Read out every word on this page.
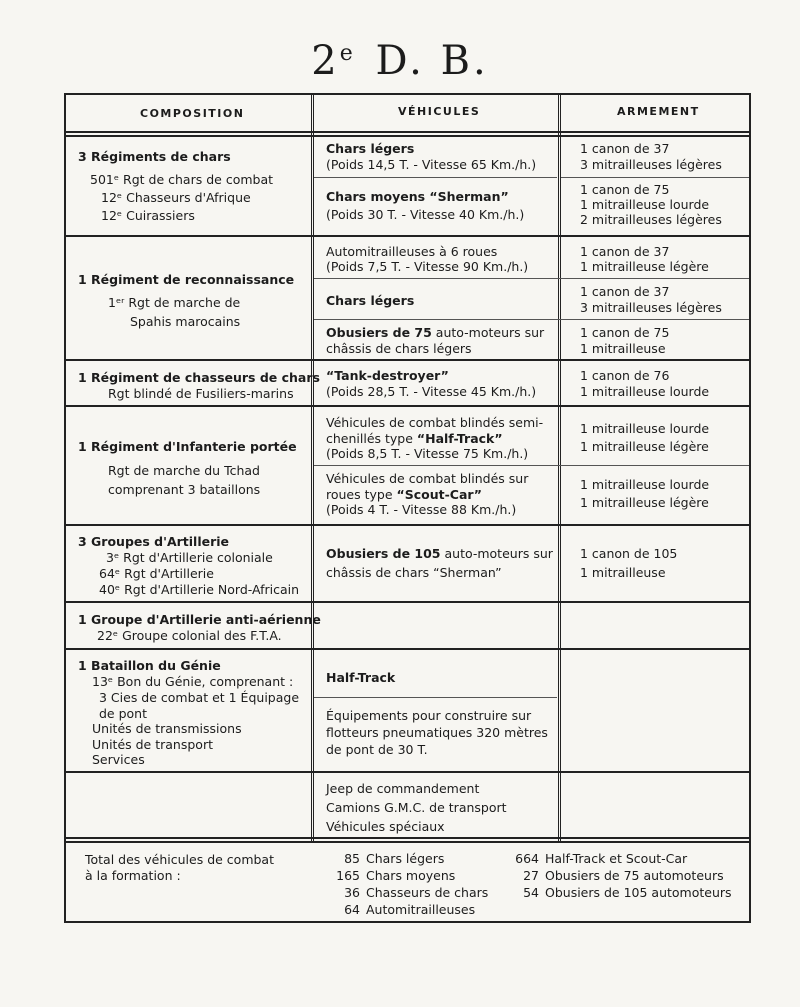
2e D. B.
COMPOSITION	VÉHICULES	ARMEMENT
3 Régiments de chars
501ᵉ Rgt de chars de combat
12ᵉ Chasseurs d'Afrique
12ᵉ Cuirassiers
1 Régiment de reconnaissance
1ᵉʳ Rgt de marche de
Spahis marocains
1 Régiment de chasseurs de chars
Rgt blindé de Fusiliers-marins
1 Régiment d'Infanterie portée
Rgt de marche du Tchad
comprenant 3 bataillons
3 Groupes d'Artillerie
3ᵉ Rgt d'Artillerie coloniale
64ᵉ Rgt d'Artillerie
40ᵉ Rgt d'Artillerie Nord-Africain
1 Groupe d'Artillerie anti-aérienne
22ᵉ Groupe colonial des F.T.A.
1 Bataillon du Génie
13ᵉ Bon du Génie, comprenant :
3 Cies de combat et 1 Équipage
de pont
Unités de transmissions
Unités de transport
Services
Chars légers
(Poids 14,5 T. - Vitesse 65 Km./h.)
Chars moyens “Sherman”
(Poids 30 T. - Vitesse 40 Km./h.)
Automitrailleuses à 6 roues
(Poids 7,5 T. - Vitesse 90 Km./h.)
Chars légers
Obusiers de 75 auto-moteurs sur
châssis de chars légers
“Tank-destroyer”
(Poids 28,5 T. - Vitesse 45 Km./h.)
Véhicules de combat blindés semi-
chenillés type “Half-Track”
(Poids 8,5 T. - Vitesse 75 Km./h.)
Véhicules de combat blindés sur
roues type “Scout-Car”
(Poids 4 T. - Vitesse 88 Km./h.)
Obusiers de 105 auto-moteurs sur
châssis de chars “Sherman”
Half-Track
Équipements pour construire sur
flotteurs pneumatiques 320 mètres
de pont de 30 T.
Jeep de commandement
Camions G.M.C. de transport
Véhicules spéciaux
1 canon de 37
3 mitrailleuses légères
1 canon de 75
1 mitrailleuse lourde
2 mitrailleuses légères
1 canon de 37
1 mitrailleuse légère
1 canon de 37
3 mitrailleuses légères
1 canon de 75
1 mitrailleuse
1 canon de 76
1 mitrailleuse lourde
1 mitrailleuse lourde
1 mitrailleuse légère
1 mitrailleuse lourde
1 mitrailleuse légère
1 canon de 105
1 mitrailleuse
Total des véhicules de combat
à la formation :
85 Chars légers
165 Chars moyens
36 Chasseurs de chars
64 Automitrailleuses
664 Half-Track et Scout-Car
27 Obusiers de 75 automoteurs
54 Obusiers de 105 automoteurs
